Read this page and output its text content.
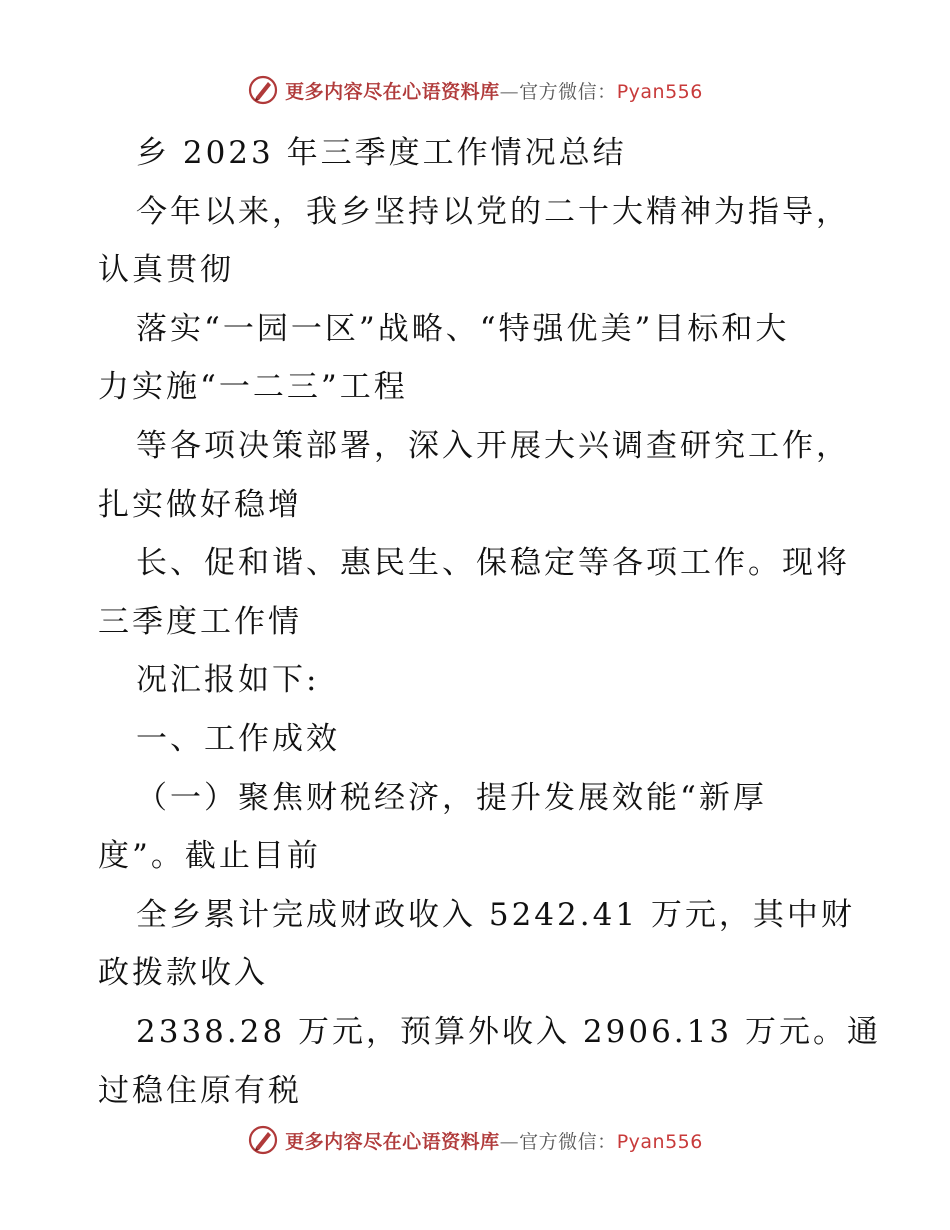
更多内容尽在心语资料库—官方微信：Pyan556
乡 2023 年三季度工作情况总结
今年以来，我乡坚持以党的二十大精神为指导，
认真贯彻
落实“一园一区”战略、“特强优美”目标和大
力实施“一二三”工程
等各项决策部署，深入开展大兴调查研究工作，
扎实做好稳增
长、促和谐、惠民生、保稳定等各项工作。现将
三季度工作情
况汇报如下:
一、工作成效
（一）聚焦财税经济，提升发展效能“新厚
度”。截止目前
全乡累计完成财政收入 5242.41 万元，其中财
政拨款收入
2338.28 万元，预算外收入 2906.13 万元。通
过稳住原有税
更多内容尽在心语资料库—官方微信：Pyan556
